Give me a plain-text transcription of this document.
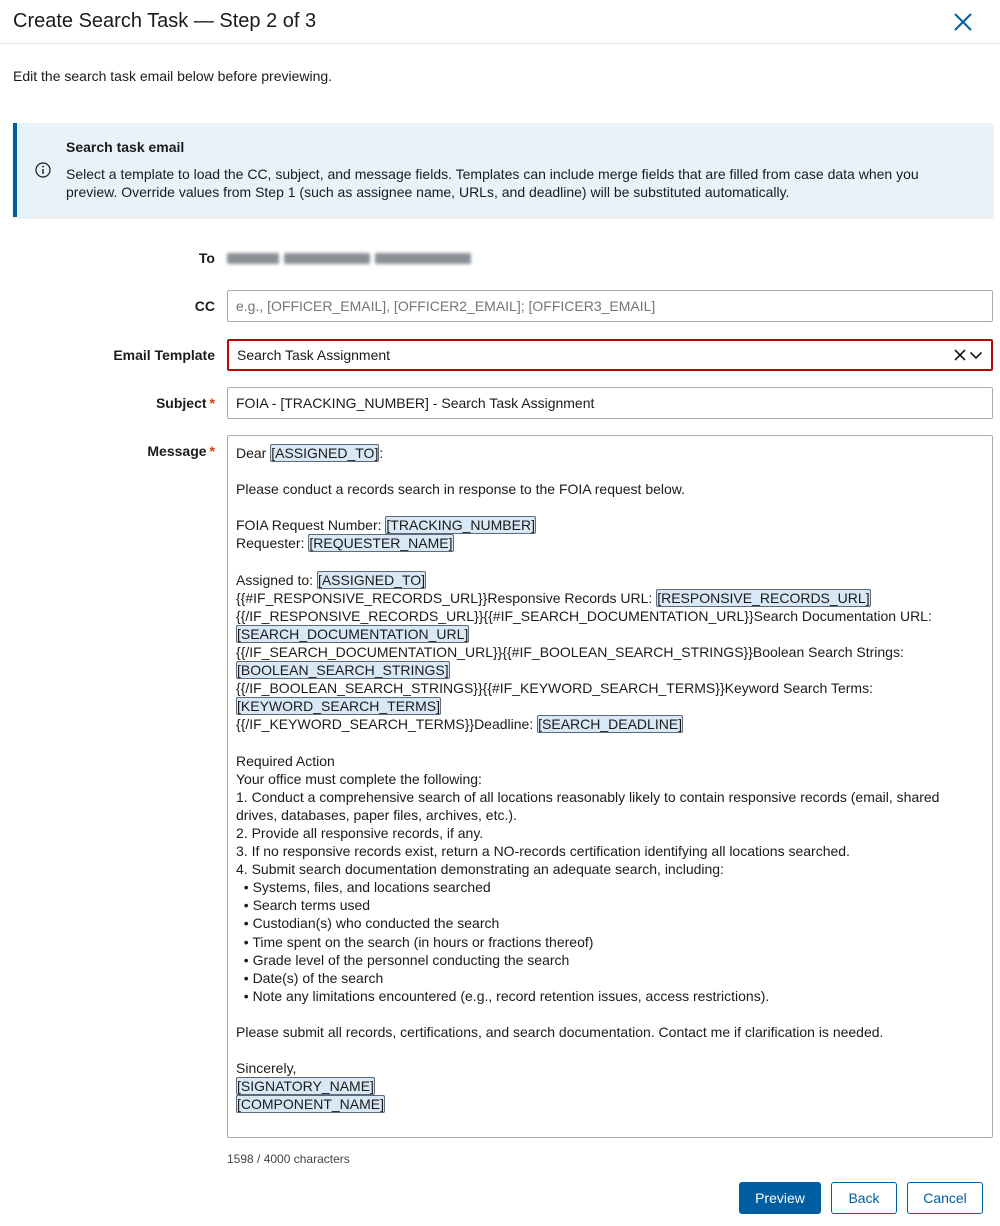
Create Search Task — Step 2 of 3
Edit the search task email below before previewing.
Search task email
Select a template to load the CC, subject, and message fields. Templates can include merge fields that are filled from case data when you preview. Override values from Step 1 (such as assignee name, URLs, and deadline) will be substituted automatically.
To
CC
e.g., [OFFICER_EMAIL], [OFFICER2_EMAIL]; [OFFICER3_EMAIL]
Email Template Search Task Assignment
Subject *
FOIA - [TRACKING_NUMBER] - Search Task Assignment
Message *	Dear [ASSIGNED_TO]:

Please conduct a records search in response to the FOIA request below.

FOIA Request Number: [TRACKING_NUMBER]
Requester: [REQUESTER_NAME]

Assigned to: [ASSIGNED_TO]
{{#IF_RESPONSIVE_RECORDS_URL}}Responsive Records URL: [RESPONSIVE_RECORDS_URL]
{{/IF_RESPONSIVE_RECORDS_URL}}{{#IF_SEARCH_DOCUMENTATION_URL}}Search Documentation URL:
[SEARCH_DOCUMENTATION_URL]
{{/IF_SEARCH_DOCUMENTATION_URL}}{{#IF_BOOLEAN_SEARCH_STRINGS}}Boolean Search Strings:
[BOOLEAN_SEARCH_STRINGS]
{{/IF_BOOLEAN_SEARCH_STRINGS}}{{#IF_KEYWORD_SEARCH_TERMS}}Keyword Search Terms:
[KEYWORD_SEARCH_TERMS]
{{/IF_KEYWORD_SEARCH_TERMS}}Deadline: [SEARCH_DEADLINE]

Required Action
Your office must complete the following:
1. Conduct a comprehensive search of all locations reasonably likely to contain responsive records (email, shared drives, databases, paper files, archives, etc.).
2. Provide all responsive records, if any.
3. If no responsive records exist, return a NO-records certification identifying all locations searched.
4. Submit search documentation demonstrating an adequate search, including:
• Systems, files, and locations searched
• Search terms used
• Custodian(s) who conducted the search
• Time spent on the search (in hours or fractions thereof)
• Grade level of the personnel conducting the search
• Date(s) of the search
• Note any limitations encountered (e.g., record retention issues, access restrictions).

Please submit all records, certifications, and search documentation. Contact me if clarification is needed.

Sincerely,
[SIGNATORY_NAME]
[COMPONENT_NAME]
1598 / 4000 characters
Preview	Back	Cancel
